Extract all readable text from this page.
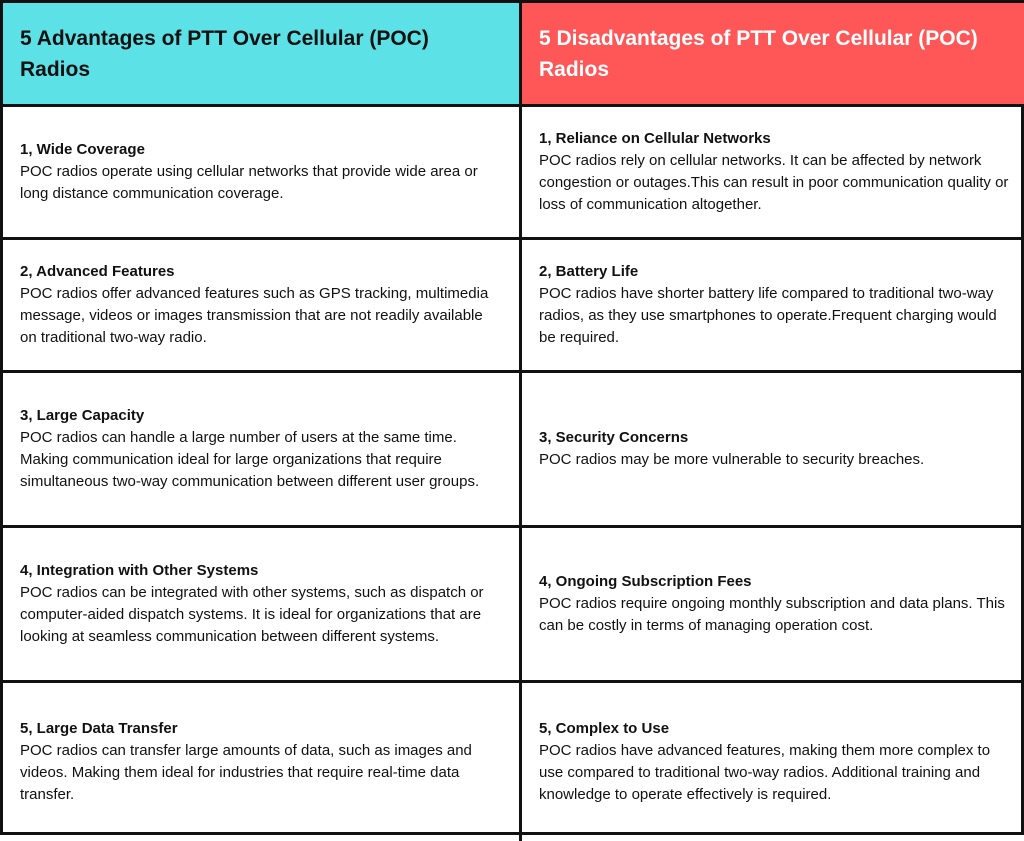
5 Advantages of PTT Over Cellular (POC) Radios
5 Disadvantages of PTT Over Cellular (POC) Radios
1, Wide Coverage
POC radios operate using cellular networks that provide wide area or long distance communication coverage.
1, Reliance on Cellular Networks
POC radios rely on cellular networks. It can be affected by network congestion or outages.This can result in poor communication quality or loss of communication altogether.
2, Advanced Features
POC radios offer advanced features such as GPS tracking, multimedia message, videos or images transmission that are not readily available on traditional two-way radio.
2, Battery Life
POC radios have shorter battery life compared to traditional two-way radios, as they use smartphones to operate.Frequent charging would be required.
3, Large Capacity
POC radios can handle a large number of users at the same time. Making communication ideal for large organizations that require simultaneous two-way communication between different user groups.
3, Security Concerns
POC radios may be more vulnerable to security breaches.
4, Integration with Other Systems
POC radios can be integrated with other systems, such as dispatch or computer-aided dispatch systems. It is ideal for organizations that are looking at seamless communication between different systems.
4, Ongoing Subscription Fees
POC radios require ongoing monthly subscription and data plans. This can be costly in terms of managing operation cost.
5, Large Data Transfer
POC radios can transfer large amounts of data, such as images and videos. Making them ideal for industries that require real-time data transfer.
5, Complex to Use
POC radios have advanced features, making them more complex to use compared to traditional two-way radios. Additional training and knowledge to operate effectively is required.
